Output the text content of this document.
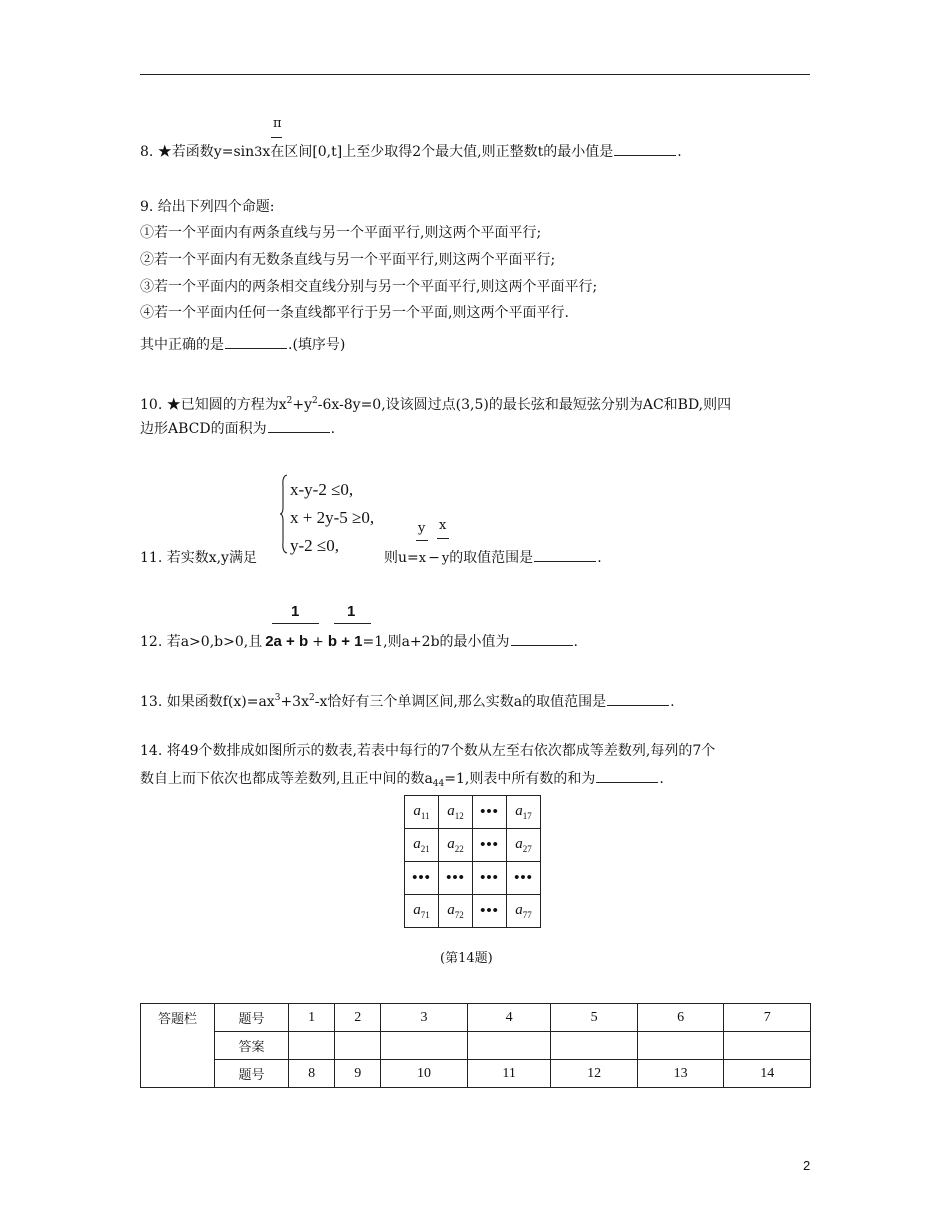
π
8. ★若函数y=sin3x在区间[0,t]上至少取得2个最大值,则正整数t的最小值是	.
9. 给出下列四个命题:
①若一个平面内有两条直线与另一个平面平行,则这两个平面平行;
②若一个平面内有无数条直线与另一个平面平行,则这两个平面平行;
③若一个平面内的两条相交直线分别与另一个平面平行,则这两个平面平行;
④若一个平面内任何一条直线都平行于另一个平面,则这两个平面平行.
其中正确的是	.(填序号)
10. ★已知圆的方程为$x^2+y^2-6x-8y=0$,设该圆过点(3,5)的最长弦和最短弦分别为AC和BD,则四
边形ABCD的面积为	.
x-y-2 ≤0,
x + 2y-5 ≥0,
y-2 ≤0,
y x
11. 若实数x,y满足	则u=x − y的取值范围是	.
1	1
12. 若a>0,b>0,且 2a + b + b + 1=1,则a+2b的最小值为	.
13. 如果函数$f(x)=ax^3+3x^2-x$恰好有三个单调区间,那么实数a的取值范围是	.
14. 将49个数排成如图所示的数表,若表中每行的7个数从左至右依次都成等差数列,每列的7个
数自上而下依次也都成等差数列,且正中间的数$a_{44}=1$,则表中所有数的和为	.
$a_{11}$	$a_{12}$	•••	$a_{17}$
$a_{21}$	$a_{22}$	•••	$a_{27}$
•••	•••	•••	•••
$a_{71}$	$a_{72}$	•••	$a_{77}$
(第14题)
答题栏	题号	1	2	3	4	5	6	7
	答案							
	题号	8	9	10	11	12	13	14
2
